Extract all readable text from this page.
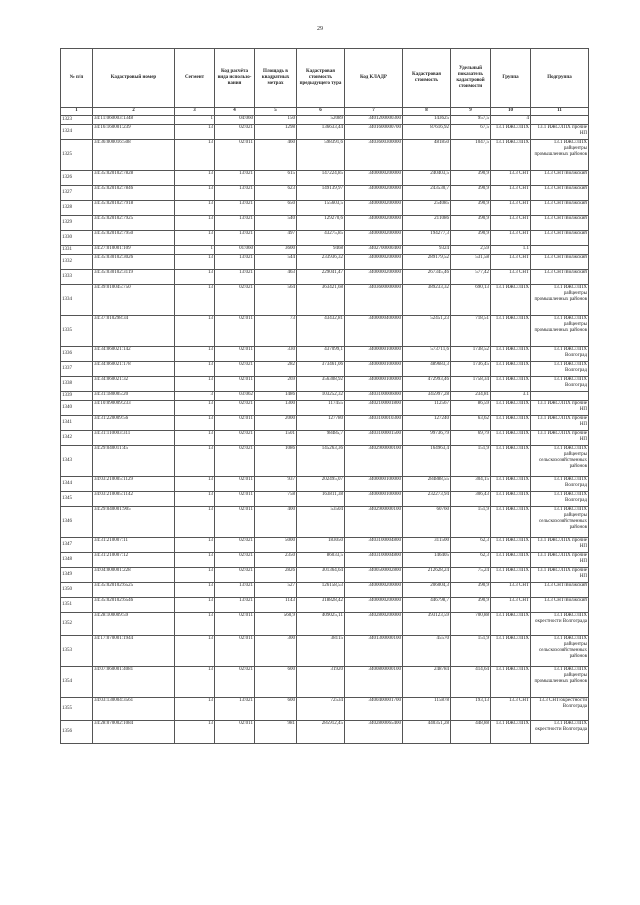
29
№ п/п	Кадастровый номер	Сегмент	Код расчёта вида использо-вания	Площадь в квадратных метрах	Кадастровая стоимость предыдущего тура	Код КЛАДР	Кадастровая стоимость	Удельный показатель кадастровой стоимости	Группа	Подгруппа
1	2	3	4	5	6	7	8	9	10	11
1323	34:11:060003:1348	1	04:060	150	52089	3401200000300	143625	957,5	4	
1324	34:16:160001:239	13	02:021	1298	136633,44	3401600000700	87616,92	67,5	13.1 ИЖС/ЛПХ	13.1 ИЖС/ЛПХ прочие НП
1325	34:36:000016:508	13	02:011	460	598391,6	3403600300000	481850	1047,5	13.1 ИЖС/ЛПХ	13.1 ИЖС/ЛПХ райцентры промышленных районов
1326	34:35:020102:7828	13	13:021	615	147224,85	3400000200000	240403,5	390,9	13.3 СНТ	13.3 СНТ/Волжский
1327	34:35:020102:7846	13	13:021	623	149139,97	3400000200000	243530,7	390,9	13.3 СНТ	13.3 СНТ/Волжский
1328	34:35:020102:7918	13	13:021	650	155603,5	3400000200000	254085	390,9	13.3 СНТ	13.3 СНТ/Волжский
1329	34:35:020102:7925	13	13:021	540	129270,6	3400000200000	211086	390,9	13.3 СНТ	13.3 СНТ/Волжский
1330	34:35:020102:7950	13	13:021	497	43275,85	3400000200000	194277,3	390,9	13.3 СНТ	13.3 СНТ/Волжский
1331	34:27:010001:109	1	01:060	3600	9468	3402700000400	9324	2,59	1.1	
1332	34:35:030102:3026	13	13:021	544	233936,32	3400000200000	289179,52	531,58	13.3 СНТ	13.3 СНТ/Волжский
1333	34:35:030102:3119	13	13:021	463	229041,47	3400000200000	267345,46	577,42	13.3 СНТ	13.3 СНТ/Волжский
1334	34:39:010045:750	13	02:021	564	363421,68	3403600000000	389233,32	690,13	13.1 ИЖС/ЛПХ	13.1 ИЖС/ЛПХ райцентры промышленных районов
1335	34:37:010298:34	13	02:011	73	43432,81	3400000400000	52451,23	718,51	13.1 ИЖС/ЛПХ	13.1 ИЖС/ЛПХ райцентры промышленных районов
1336	34:34:060021:142	13	02:011	330	437099,1	3400000100000	573711,6	1738,52	13.1 ИЖС/ЛПХ	13.1 ИЖС/ЛПХ Волгоград
1337	34:34:060021:178	13	02:021	282	373461,06	3400000100000	489683,3	1736,45	13.1 ИЖС/ЛПХ	13.1 ИЖС/ЛПХ Волгоград
1338	34:34:060021:32	13	02:011	269	356308,92	3400000100000	472993,46	1758,34	13.1 ИЖС/ЛПХ	13.1 ИЖС/ЛПХ Волгоград
1339	34:31:180005:20	3	03:062	1486	103252,32	3403100006000	345997,28	234,81	3.1	
1340	34:10:090009:233	13	02:021	1300	117455	3402100001800	112567	86,59	13.1 ИЖС/ЛПХ	13.1 ИЖС/ЛПХ прочие НП
1341	34:31:220009:56	13	02:011	2000	127780	3403100010300	127240	63,62	13.1 ИЖС/ЛПХ	13.1 ИЖС/ЛПХ прочие НП
1342	34:31:110003:311	13	02:021	1501	98485,7	3403100001500	99736,79	69,79	13.1 ИЖС/ЛПХ	13.1 ИЖС/ЛПХ прочие НП
1343	34:29:040011:45	13	02:021	1086	145263,36	3402900000100	164963,4	151,9	13.1 ИЖС/ЛПХ	13.1 ИЖС/ЛПХ райцентры сельскохозяйственных районов
1344	34:03:210005:1129	13	02:011	937	202495,07	3400000100000	284888,55	304,15	13.1 ИЖС/ЛПХ	13.1 ИЖС/ЛПХ Волгоград
1345	34:03:210005:1142	13	02:011	758	163811,38	3400000100000	232273,94	306,43	13.1 ИЖС/ЛПХ	13.1 ИЖС/ЛПХ Волгоград
1346	34:29:040001:905	13	02:011	400	53504	3402900000100	60760	151,9	13.1 ИЖС/ЛПХ	13.1 ИЖС/ЛПХ райцентры сельскохозяйственных районов
1347	34:31:210007:11	13	02:021	5000	183050	3403100004800	311500	62,3	13.1 ИЖС/ЛПХ	13.1 ИЖС/ЛПХ прочие НП
1348	34:31:210007:12	13	02:021	2350	86033,5	3403100004800	146405	62,3	13.1 ИЖС/ЛПХ	13.1 ИЖС/ЛПХ прочие НП
1349	34:04:000001:228	13	02:021	2826	301364,64	3400500002800	212628,24	75,24	13.1 ИЖС/ЛПХ	13.1 ИЖС/ЛПХ прочие НП
1350	34:35:020102:6525	13	13:021	527	126158,53	3400000200000	206004,3	390,9	13.3 СНТ	13.3 СНТ/Волжский
1351	34:35:020102:6546	13	13:021	1143	318828,42	3400000200000	446798,7	390,9	13.3 СНТ	13.3 СНТ/Волжский
1352	34:28:100009:59	13	02:011	560,9	409025,11	3402800200000	393123,59	700,88	13.1 ИЖС/ЛПХ	13.1 ИЖС/ЛПХ окрестности Волгограда
1353	34:17:070001:1944	13	02:011	300	38115	3401300000100	45570	151,9	13.1 ИЖС/ЛПХ	13.1 ИЖС/ЛПХ райцентры сельскохозяйственных районов
1354	34:07:060001:4081	13	02:021	600	31920	3400800000100	248784	414,64	13.1 ИЖС/ЛПХ	13.1 ИЖС/ЛПХ райцентры промышленных районов
1355	34:03:130004:3561	13	13:021	600	72534	3400400001700	115878	193,13	13.3 СНТ	13.3 СНТ/окрестности Волгограда
1356	34:28:070002:1084	13	02:011	981	285912,45	3402800065400	440351,28	448,88	13.1 ИЖС/ЛПХ	13.1 ИЖС/ЛПХ окрестности Волгограда
